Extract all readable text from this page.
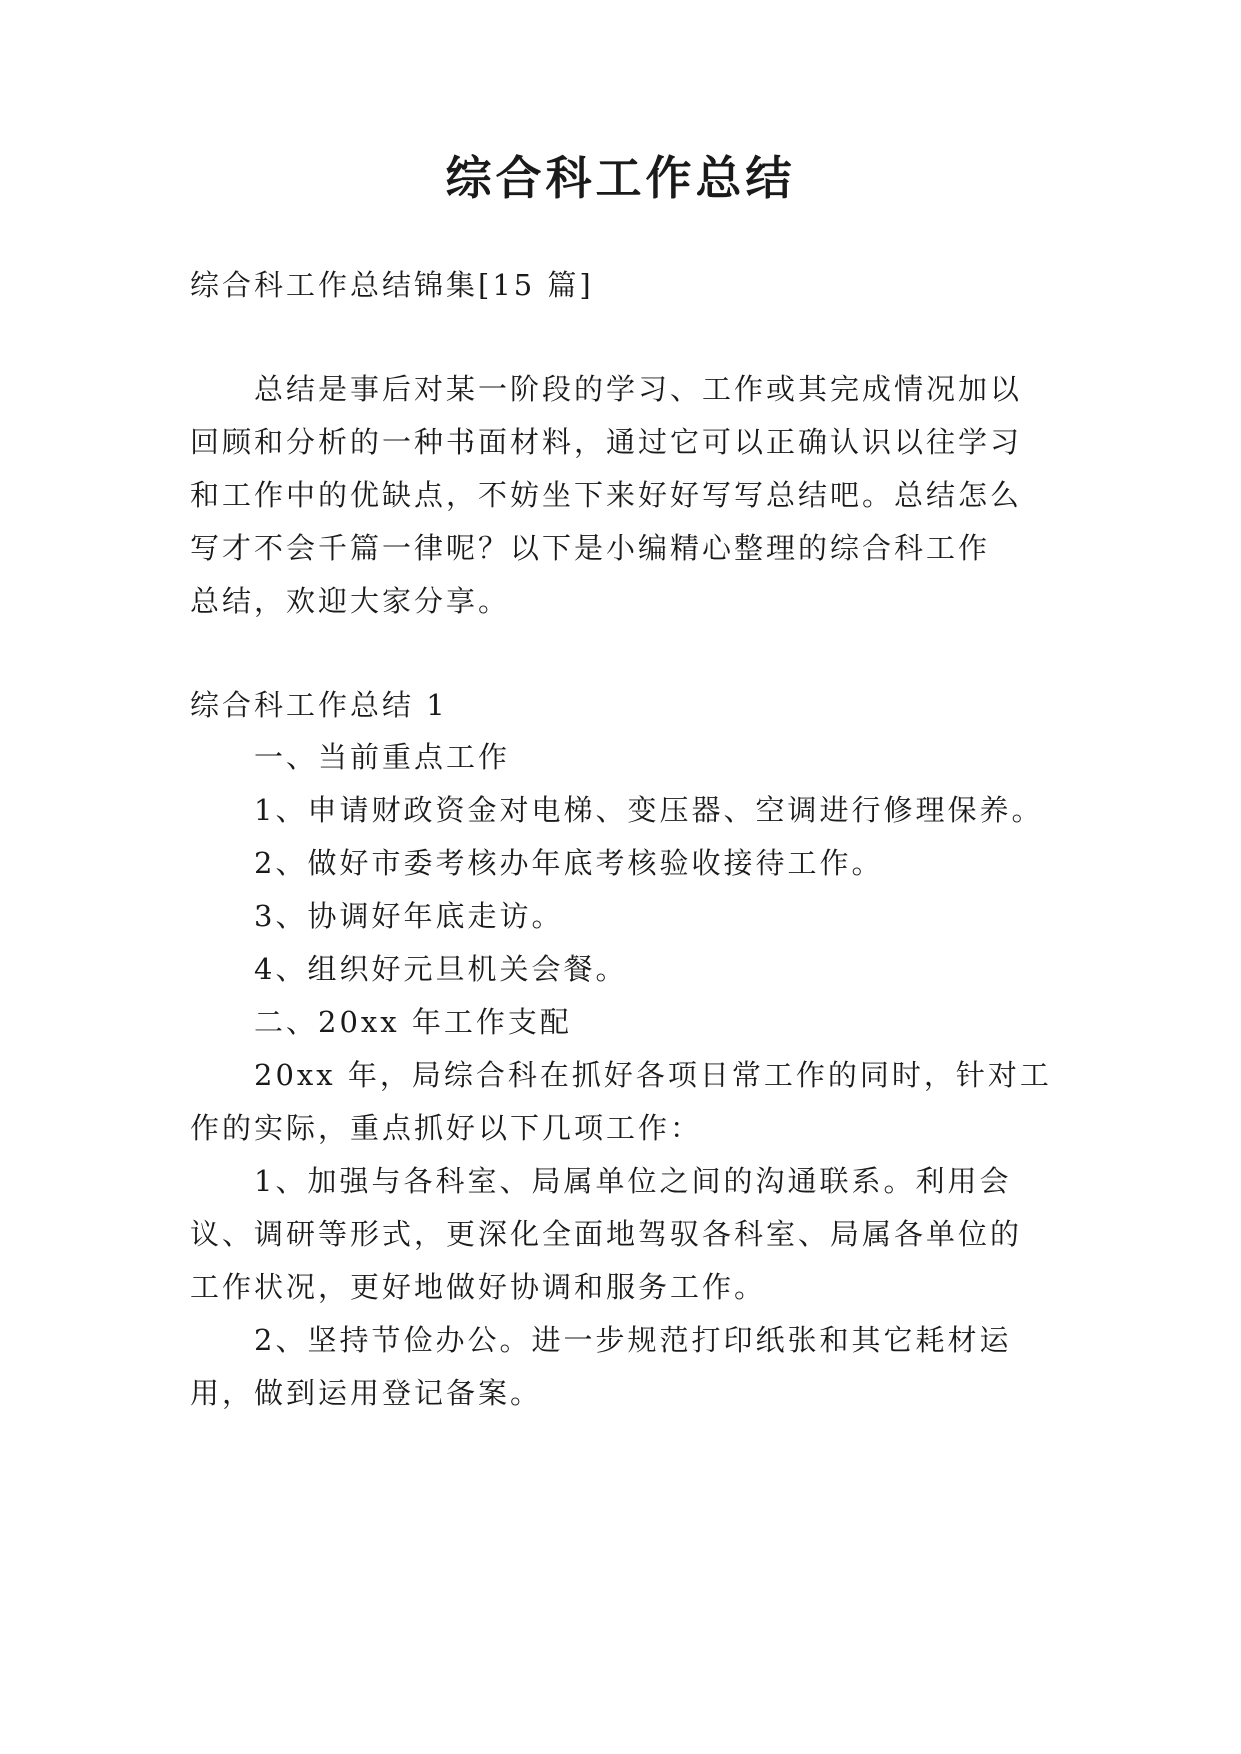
综合科工作总结
综合科工作总结锦集[15 篇]
总结是事后对某一阶段的学习、工作或其完成情况加以
回顾和分析的一种书面材料，通过它可以正确认识以往学习
和工作中的优缺点，不妨坐下来好好写写总结吧。总结怎么
写才不会千篇一律呢？以下是小编精心整理的综合科工作
总结，欢迎大家分享。
综合科工作总结 1
一、当前重点工作
1、申请财政资金对电梯、变压器、空调进行修理保养。
2、做好市委考核办年底考核验收接待工作。
3、协调好年底走访。
4、组织好元旦机关会餐。
二、20xx 年工作支配
20xx 年，局综合科在抓好各项日常工作的同时，针对工
作的实际，重点抓好以下几项工作：
1、加强与各科室、局属单位之间的沟通联系。利用会
议、调研等形式，更深化全面地驾驭各科室、局属各单位的
工作状况，更好地做好协调和服务工作。
2、坚持节俭办公。进一步规范打印纸张和其它耗材运
用，做到运用登记备案。
